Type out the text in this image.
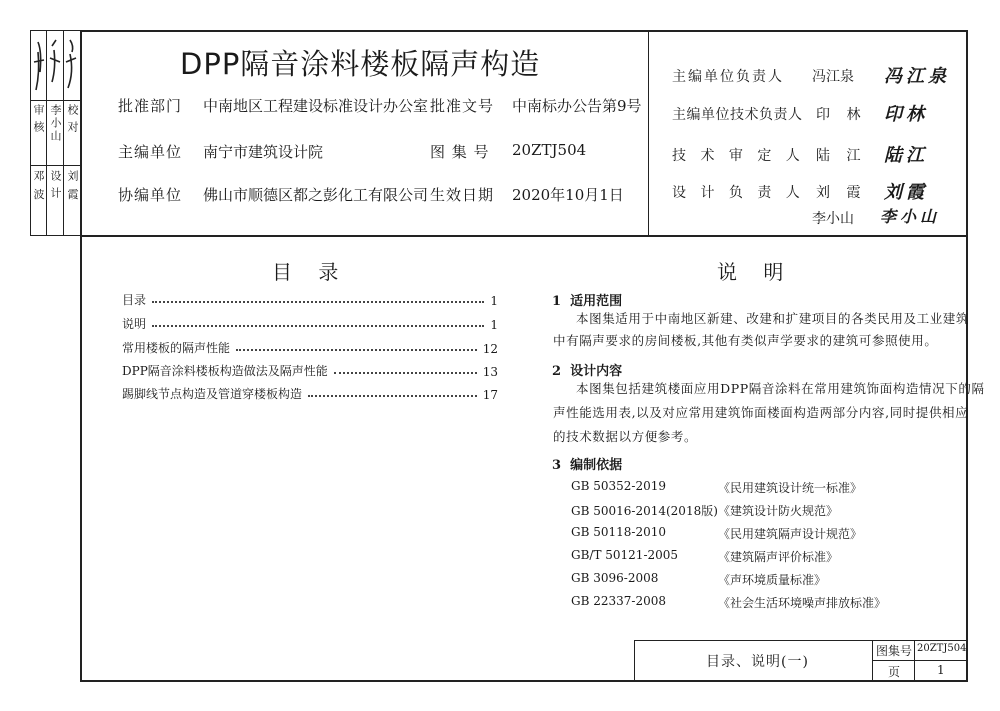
审核 李小山 校对
邓 波 设计 刘 霞
DPP隔音涂料楼板隔声构造
批准部门 中南地区工程建设标准设计办公室 批准文号 中南标办公告第9号
主编单位 南宁市建筑设计院	图 集 号 20ZTJ504
协编单位 佛山市顺德区都之彭化工有限公司 生效日期 2020年10月1日
主编单位负责人 冯江泉 冯江泉
主编单位技术负责人 印 林 印林
技 术 审 定 人 陆 江 陆江
设 计 负 责 人 刘 霞 刘霞
李小山 李小山
目 录
目录	1
说明	1
常用楼板的隔声性能	12
DPP隔音涂料楼板构造做法及隔声性能	13
踢脚线节点构造及管道穿楼板构造	17
说 明
1 适用范围
本图集适用于中南地区新建、改建和扩建项目的各类民用及工业建筑
中有隔声要求的房间楼板,其他有类似声学要求的建筑可参照使用。
2 设计内容
本图集包括建筑楼面应用DPP隔音涂料在常用建筑饰面构造情况下的隔
声性能选用表,以及对应常用建筑饰面楼面构造两部分内容,同时提供相应
的技术数据以方便参考。
3 编制依据
GB 50352-2019	《民用建筑设计统一标准》
GB 50016-2014(2018版) 《建筑设计防火规范》
GB 50118-2010	《民用建筑隔声设计规范》
GB/T 50121-2005	《建筑隔声评价标准》
GB 3096-2008	《声环境质量标准》
GB 22337-2008	《社会生活环境噪声排放标准》
目录、说明(一)
图集号 20ZTJ504
页	1
